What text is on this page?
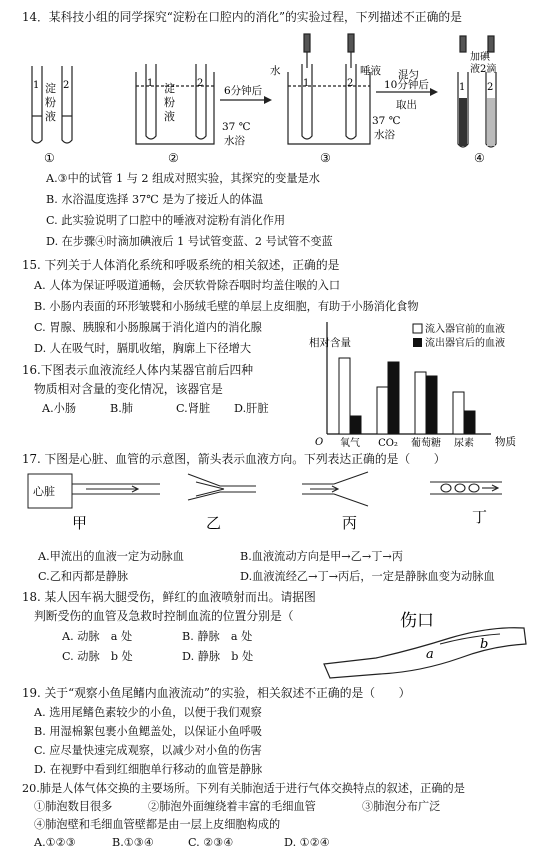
14．某科技小组的同学探究“淀粉在口腔内的消化”的实验过程，下列描述不正确的是
1 2
淀
粉
液
1	2
淀
粉
液
6分钟后
37 ℃
水浴
水	唾液
1	2
混匀
10分钟后
取出
37 ℃
水浴
加碘
液2滴
1 2
①	②	③	④
A.③中的试管 1 与 2 组成对照实验，其探究的变量是水
B. 水浴温度选择 37℃ 是为了接近人的体温
C. 此实验说明了口腔中的唾液对淀粉有消化作用
D. 在步骤④时滴加碘液后 1 号试管变蓝、2 号试管不变蓝
15. 下列关于人体消化系统和呼吸系统的相关叙述，正确的是
A. 人体为保证呼吸道通畅，会厌软骨除吞咽时均盖住喉的入口
B. 小肠内表面的环形皱襞和小肠绒毛壁的单层上皮细胞，有助于小肠消化食物
C. 胃腺、胰腺和小肠腺属于消化道内的消化腺
D. 人在吸气时，膈肌收缩，胸廓上下径增大
16.下图表示血液流经人体内某器官前后四种
物质相对含量的变化情况，该器官是
A.小肠	B.肺	C.肾脏 D.肝脏
相对含量
O	物质
氧气 CO₂ 葡萄糖 尿素
流入器官前的血液
流出器官后的血液
17. 下图是心脏、血管的示意图，箭头表示血液方向。下列表达正确的是（　　）
心脏
甲	乙	丙	丁
A.甲流出的血液一定为动脉血	B.血液流动方向是甲→乙→丁→丙
C.乙和丙都是静脉	D.血液流经乙→丁→丙后，一定是静脉血变为动脉血
18. 某人因车祸大腿受伤，鲜红的血液喷射而出。请据图
判断受伤的血管及急救时控制血流的位置分别是（
A. 动脉　a 处	B. 静脉　a 处
C. 动脉　b 处	D. 静脉　b 处
伤口
a
b
19. 关于“观察小鱼尾鳍内血液流动”的实验，相关叙述不正确的是（　　）
A. 选用尾鳍色素较少的小鱼，以便于我们观察
B. 用湿棉絮包裹小鱼鳃盖处，以保证小鱼呼吸
C. 应尽量快速完成观察，以减少对小鱼的伤害
D. 在视野中看到红细胞单行移动的血管是静脉
20.肺是人体气体交换的主要场所。下列有关肺泡适于进行气体交换特点的叙述，正确的是
①肺泡数目很多	②肺泡外面缠绕着丰富的毛细血管	③肺泡分布广泛
④肺泡壁和毛细血管壁都是由一层上皮细胞构成的
A.①②③	B.①③④	C. ②③④	D. ①②④
